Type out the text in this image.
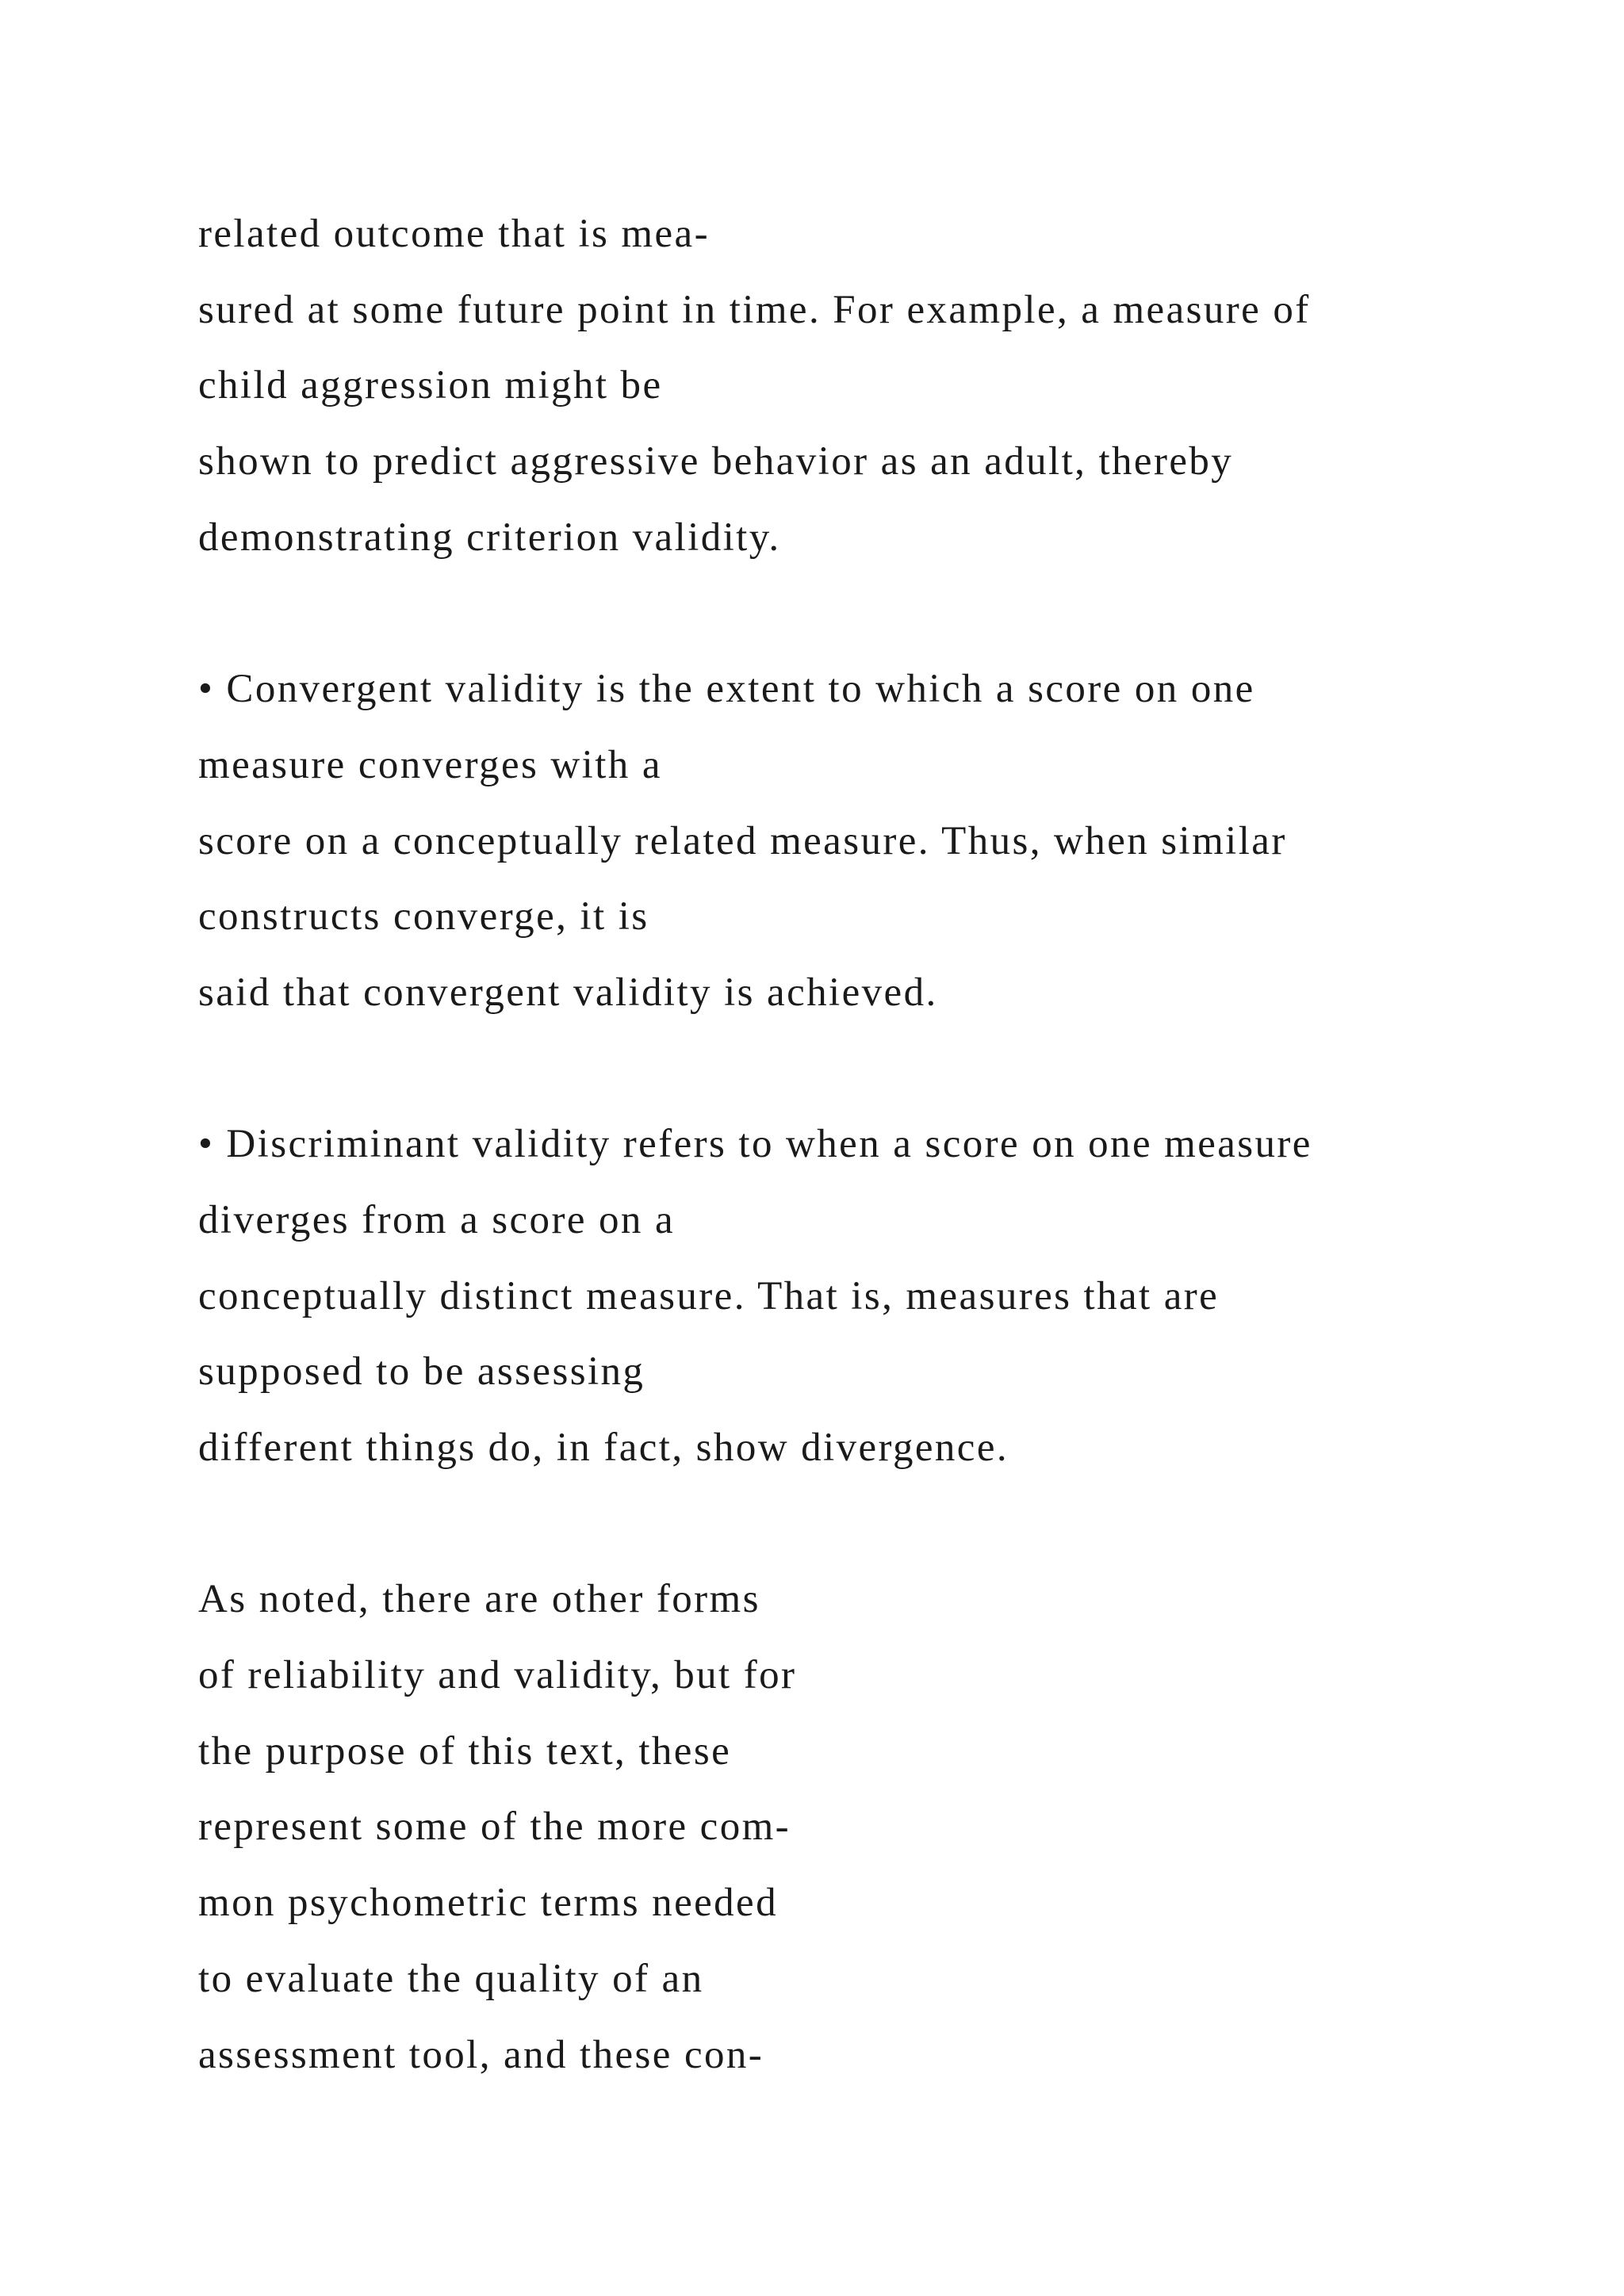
related outcome that is mea-
sured at some future point in time. For example, a measure of
child aggression might be
shown to predict aggressive behavior as an adult, thereby
demonstrating criterion validity.
• Convergent validity is the extent to which a score on one
measure converges with a
score on a conceptually related measure. Thus, when similar
constructs converge, it is
said that convergent validity is achieved.
• Discriminant validity refers to when a score on one measure
diverges from a score on a
conceptually distinct measure. That is, measures that are
supposed to be assessing
different things do, in fact, show divergence.
As noted, there are other forms
of reliability and validity, but for
the purpose of this text, these
represent some of the more com-
mon psychometric terms needed
to evaluate the quality of an
assessment tool, and these con-
